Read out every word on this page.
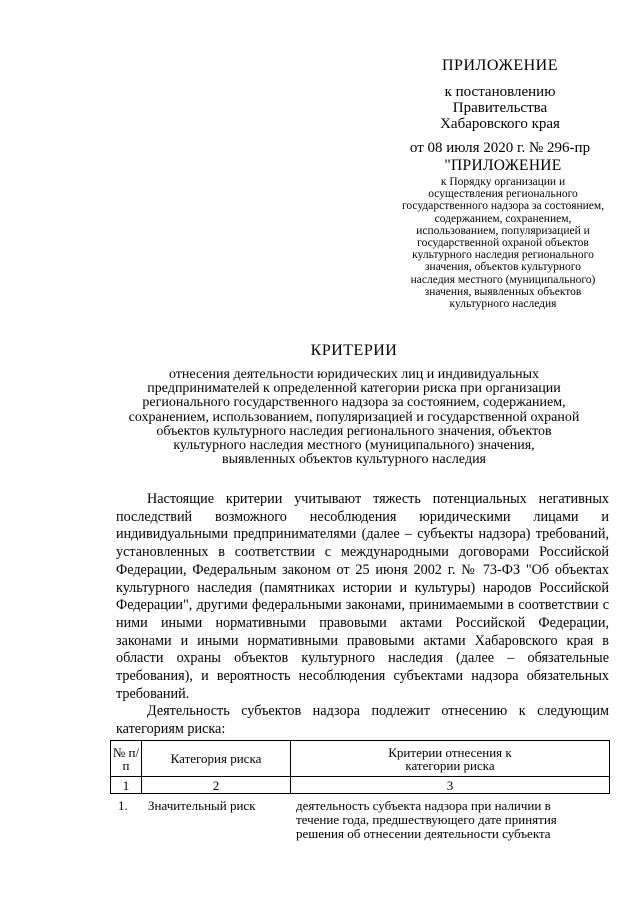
ПРИЛОЖЕНИЕ
к постановлению
Правительства
Хабаровского края
от 08 июля 2020 г. № 296-пр
"ПРИЛОЖЕНИЕ
к Порядку организации и
осуществления регионального
государственного надзора за состоянием,
содержанием, сохранением,
использованием, популяризацией и
государственной охраной объектов
культурного наследия регионального
значения, объектов культурного
наследия местного (муниципального)
значения, выявленных объектов
культурного наследия
КРИТЕРИИ
отнесения деятельности юридических лиц и индивидуальных
предпринимателей к определенной категории риска при организации
регионального государственного надзора за состоянием, содержанием,
сохранением, использованием, популяризацией и государственной охраной
объектов культурного наследия регионального значения, объектов
культурного наследия местного (муниципального) значения,
выявленных объектов культурного наследия
Настоящие критерии учитывают тяжесть потенциальных негативных последствий возможного несоблюдения юридическими лицами и индивидуальными предпринимателями (далее – субъекты надзора) требований, установленных в соответствии с международными договорами Российской Федерации, Федеральным законом от 25 июня 2002 г. № 73-ФЗ "Об объектах культурного наследия (памятниках истории и культуры) народов Российской Федерации", другими федеральными законами, принимаемыми в соответствии с ними иными нормативными правовыми актами Российской Федерации, законами и иными нормативными правовыми актами Хабаровского края в области охраны объектов культурного наследия (далее – обязательные требования), и вероятность несоблюдения субъектами надзора обязательных требований.
Деятельность субъектов надзора подлежит отнесению к следующим категориям риска:
№ п/п	Категория риска	Критерии отнесения к категории риска
1	2	3
1. Значительный риск	деятельность субъекта надзора при наличии в
течение года, предшествующего дате принятия
решения об отнесении деятельности субъекта
